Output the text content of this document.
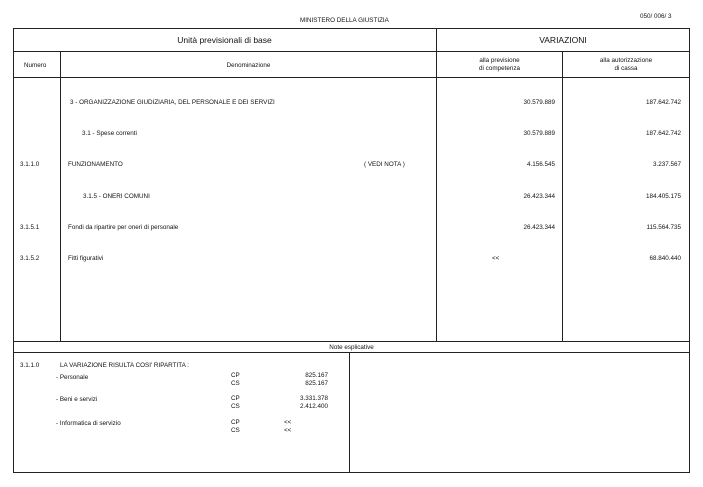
MINISTERO DELLA GIUSTIZIA
050/ 006/ 3
Unità previsionali di base	VARIAZIONI
Numero	Denominazione
alla previsione
di competenza
alla autorizzazione
di cassa
3 - ORGANIZZAZIONE GIUDIZIARIA, DEL PERSONALE E DEI SERVIZI	30.579.889	187.642.742
3.1 - Spese correnti	30.579.889	187.642.742
3.1.1.0	FUNZIONAMENTO	( VEDI NOTA )	4.156.545	3.237.567
3.1.5 - ONERI COMUNI	26.423.344	184.405.175
3.1.5.1	Fondi da ripartire per oneri di personale	26.423.344	115.564.735
3.1.5.2	Fitti figurativi	<<	68.840.440
Note esplicative
3.1.1.0	LA VARIAZIONE RISULTA COSI' RIPARTITA :
- Personale	CP	825.167
CS	825.167
- Beni e servizi	CP	3.331.378
CS	2.412.400
- Informatica di servizio	CP	<<
CS	<<
